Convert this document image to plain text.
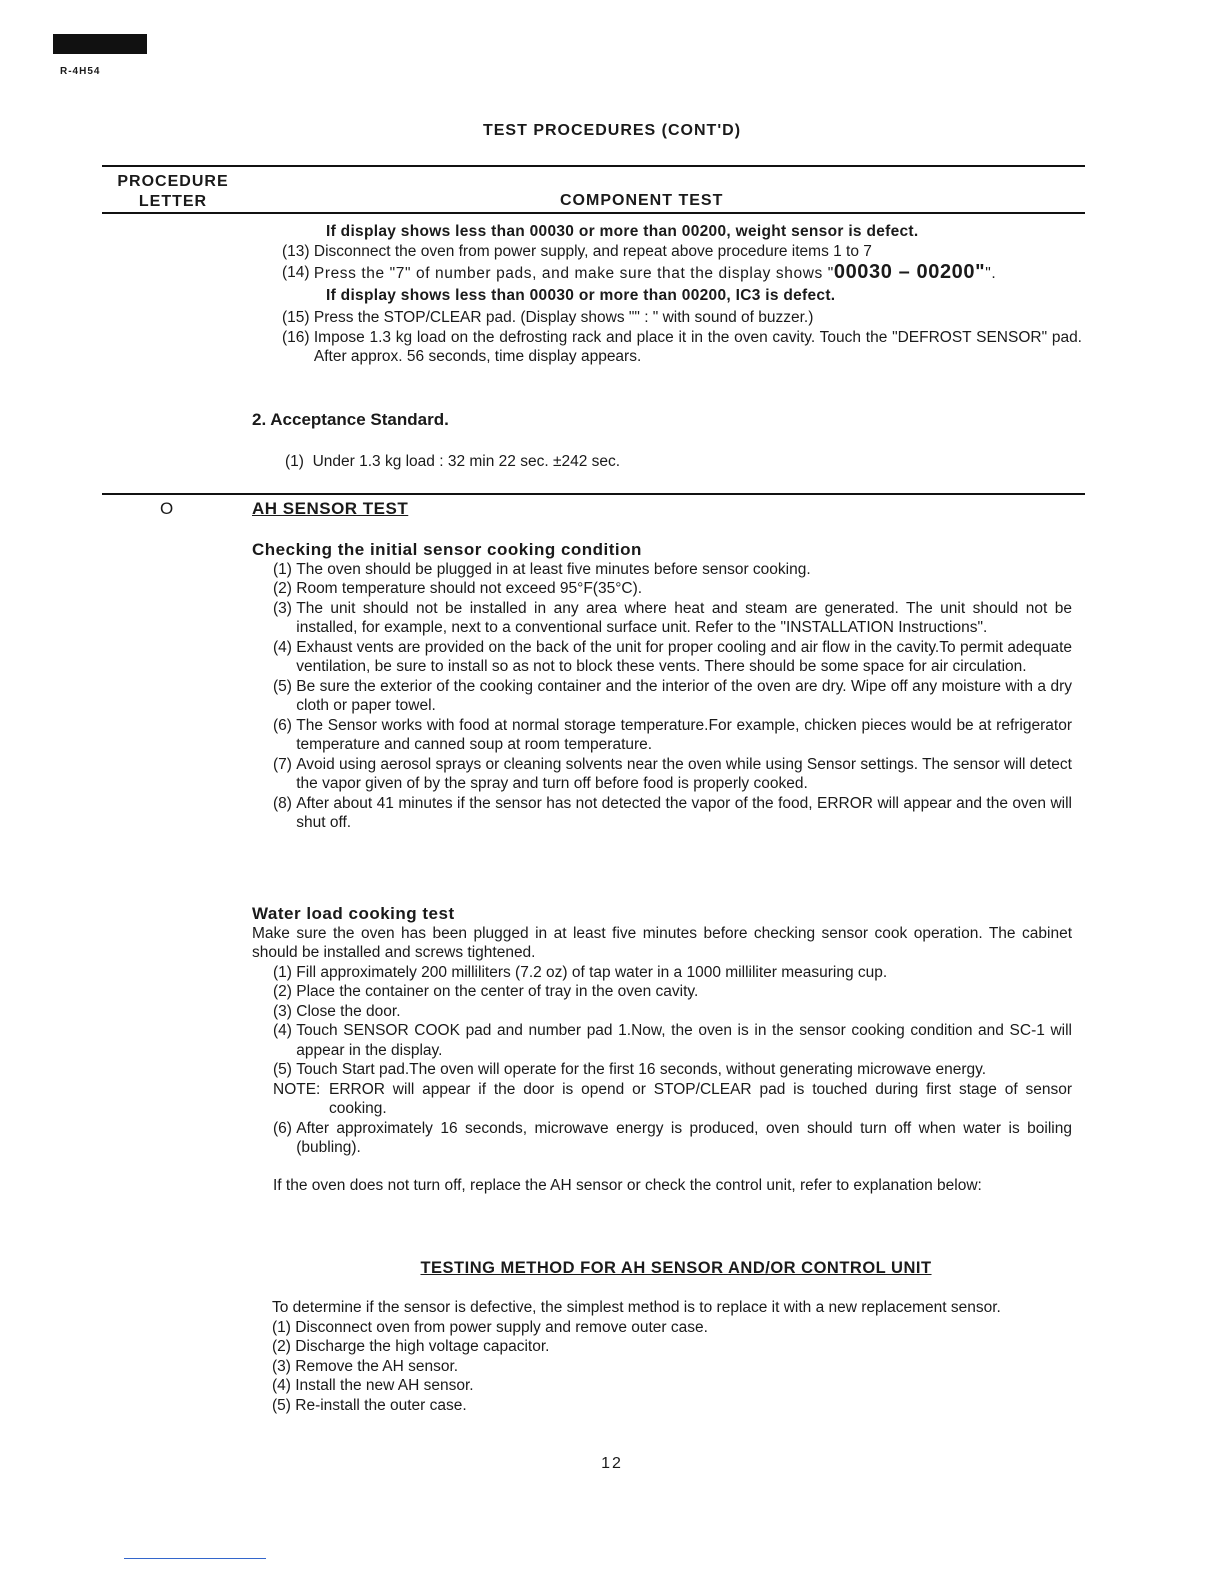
R-4H54
TEST PROCEDURES (CONT'D)
PROCEDURE
LETTER	COMPONENT TEST
If display shows less than 00030 or more than 00200, weight sensor is defect.
(13) Disconnect the oven from power supply, and repeat above procedure items 1 to 7
(14) Press the "7" of number pads, and make sure that the display shows "00030 – 00200"".
If display shows less than 00030 or more than 00200, IC3 is defect.
(15) Press the STOP/CLEAR pad. (Display shows "" : " with sound of buzzer.)
(16) Impose 1.3 kg load on the defrosting rack and place it in the oven cavity. Touch the "DEFROST SENSOR" pad. After approx. 56 seconds, time display appears.
2. Acceptance Standard.
(1) Under 1.3 kg load : 32 min 22 sec. ±242 sec.
O	AH SENSOR TEST
Checking the initial sensor cooking condition
(1) The oven should be plugged in at least five minutes before sensor cooking.
(2) Room temperature should not exceed 95°F(35°C).
(3) The unit should not be installed in any area where heat and steam are generated. The unit should not be installed, for example, next to a conventional surface unit. Refer to the "INSTALLATION Instructions".
(4) Exhaust vents are provided on the back of the unit for proper cooling and air flow in the cavity.To permit adequate ventilation, be sure to install so as not to block these vents. There should be some space for air circulation.
(5) Be sure the exterior of the cooking container and the interior of the oven are dry. Wipe off any moisture with a dry cloth or paper towel.
(6) The Sensor works with food at normal storage temperature.For example, chicken pieces would be at refrigerator temperature and canned soup at room temperature.
(7) Avoid using aerosol sprays or cleaning solvents near the oven while using Sensor settings. The sensor will detect the vapor given of by the spray and turn off before food is properly cooked.
(8) After about 41 minutes if the sensor has not detected the vapor of the food, ERROR will appear and the oven will shut off.
Water load cooking test
Make sure the oven has been plugged in at least five minutes before checking sensor cook operation. The cabinet should be installed and screws tightened.
(1) Fill approximately 200 milliliters (7.2 oz) of tap water in a 1000 milliliter measuring cup.
(2) Place the container on the center of tray in the oven cavity.
(3) Close the door.
(4) Touch SENSOR COOK pad and number pad 1.Now, the oven is in the sensor cooking condition and SC-1 will appear in the display.
(5) Touch Start pad.The oven will operate for the first 16 seconds, without generating microwave energy.
NOTE: ERROR will appear if the door is opend or STOP/CLEAR pad is touched during first stage of sensor cooking.
(6) After approximately 16 seconds, microwave energy is produced, oven should turn off when water is boiling (bubling).
If the oven does not turn off, replace the AH sensor or check the control unit, refer to explanation below:
TESTING METHOD FOR AH SENSOR AND/OR CONTROL UNIT
To determine if the sensor is defective, the simplest method is to replace it with a new replacement sensor.
(1) Disconnect oven from power supply and remove outer case.
(2) Discharge the high voltage capacitor.
(3) Remove the AH sensor.
(4) Install the new AH sensor.
(5) Re-install the outer case.
12
